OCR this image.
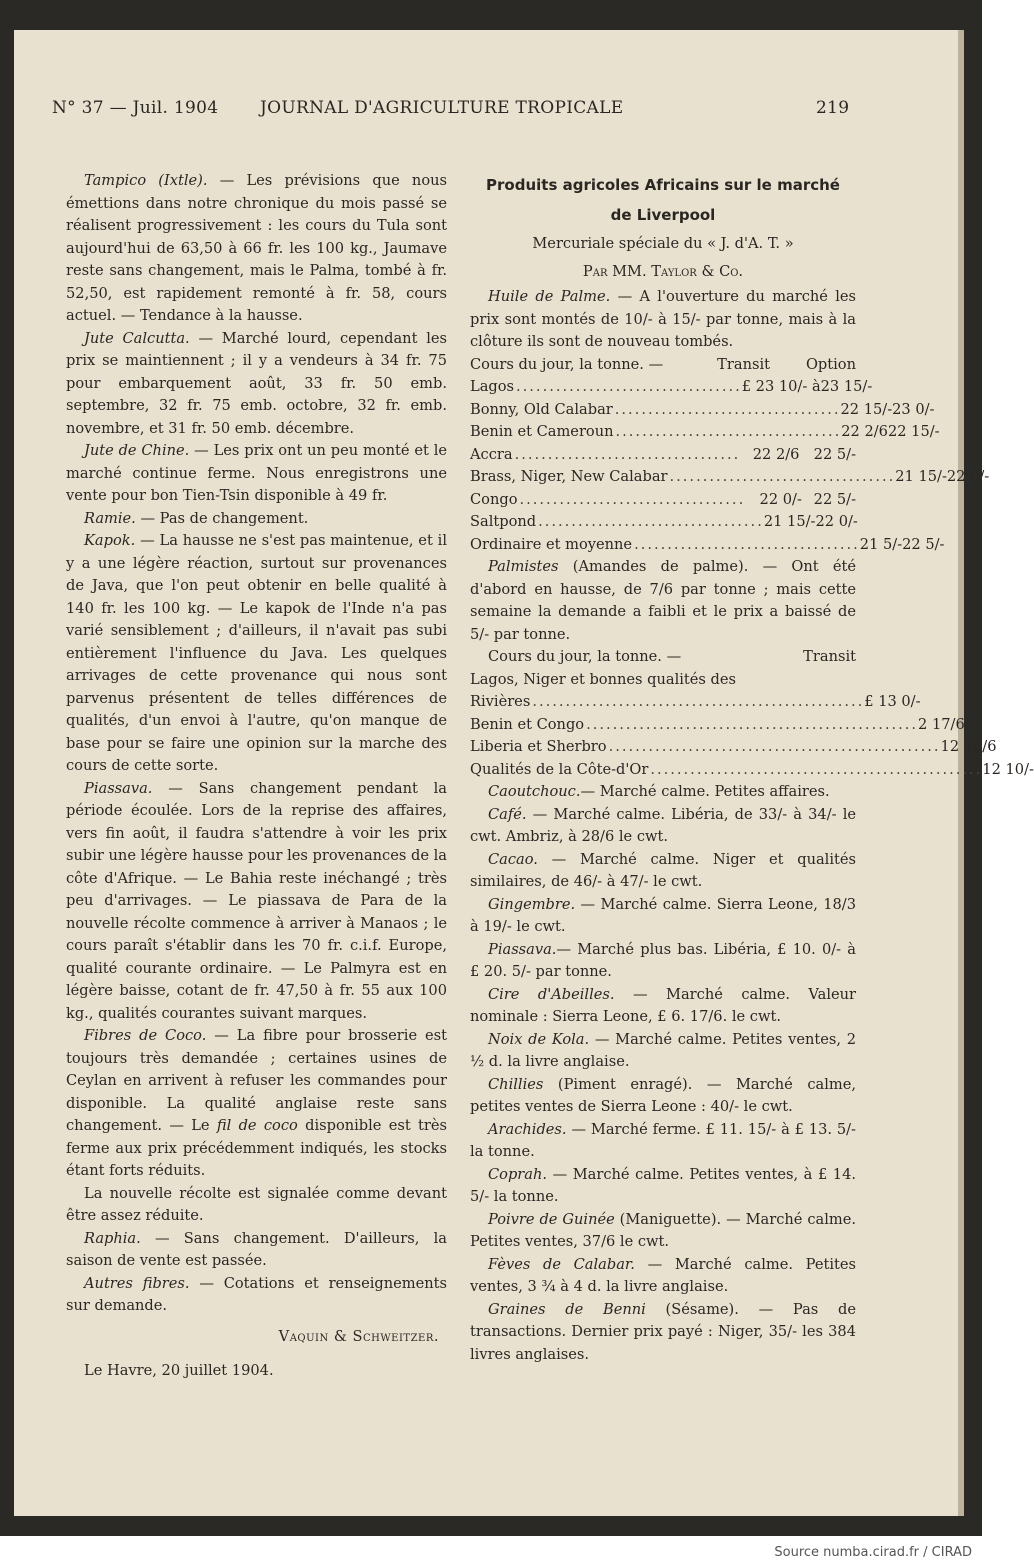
N° 37 — Juil. 1904 JOURNAL D'AGRICULTURE TROPICALE	219

Tampico (Ixtle). — Les prévisions que nous émettions dans notre chronique du mois passé se réalisent progressivement : les cours du Tula sont aujourd'hui de 63,50 à 66 fr. les 100 kg., Jaumave reste sans changement, mais le Palma, tombé à fr. 52,50, est rapidement remonté à fr. 58, cours actuel. — Tendance à la hausse.

Jute Calcutta. — Marché lourd, cependant les prix se maintiennent ; il y a vendeurs à 34 fr. 75 pour embarquement août, 33 fr. 50 emb. septembre, 32 fr. 75 emb. octobre, 32 fr. emb. novembre, et 31 fr. 50 emb. décembre.

Jute de Chine. — Les prix ont un peu monté et le marché continue ferme. Nous enregistrons une vente pour bon Tien-Tsin disponible à 49 fr.

Ramie. — Pas de changement.

Kapok. — La hausse ne s'est pas maintenue, et il y a une légère réaction, surtout sur provenances de Java, que l'on peut obtenir en belle qualité à 140 fr. les 100 kg. — Le kapok de l'Inde n'a pas varié sensiblement ; d'ailleurs, il n'avait pas subi entièrement l'influence du Java. Les quelques arrivages de cette provenance qui nous sont parvenus présentent de telles différences de qualités, d'un envoi à l'autre, qu'on manque de base pour se faire une opinion sur la marche des cours de cette sorte.

Piassava. — Sans changement pendant la période écoulée. Lors de la reprise des affaires, vers fin août, il faudra s'attendre à voir les prix subir une légère hausse pour les provenances de la côte d'Afrique. — Le Bahia reste inéchangé ; très peu d'arrivages. — Le piassava de Para de la nouvelle récolte commence à arriver à Manaos ; le cours paraît s'établir dans les 70 fr. c.i.f. Europe, qualité courante ordinaire. — Le Palmyra est en légère baisse, cotant de fr. 47,50 à fr. 55 aux 100 kg., qualités courantes suivant marques.

Fibres de Coco. — La fibre pour brosserie est toujours très demandée ; certaines usines de Ceylan en arrivent à refuser les commandes pour disponible. La qualité anglaise reste sans changement. — Le fil de coco disponible est très ferme aux prix précédemment indiqués, les stocks étant forts réduits.

La nouvelle récolte est signalée comme devant être assez réduite.

Raphia. — Sans changement. D'ailleurs, la saison de vente est passée.

Autres fibres. — Cotations et renseignements sur demande.

Vaquin & Schweitzer.

Le Havre, 20 juillet 1904.

Produits agricoles Africains sur le marché

de Liverpool

Mercuriale spéciale du « J. d'A. T. »

Par MM. Taylor & Co.

Huile de Palme. — A l'ouverture du marché les prix sont montés de 10/- à 15/- par tonne, mais à la clôture ils sont de nouveau tombés.

Cours du jour, la tonne. —	Transit	Option
Lagos .................................. £ 23 10/- à 23 15/-
Bonny, Old Calabar .................................. 22 15/- 23 0/-
Benin et Cameroun .................................. 22 2/6 22 15/-
Accra .................................. 22 2/6 22 5/-
Brass, Niger, New Calabar .................................. 21 15/- 22 0/-
Congo .................................. 22 0/- 22 5/-
Saltpond .................................. 21 15/- 22 0/-
Ordinaire et moyenne .................................. 21 5/- 22 5/-

Palmistes (Amandes de palme). — Ont été d'abord en hausse, de 7/6 par tonne ; mais cette semaine la demande a faibli et le prix a baissé de 5/- par tonne.

Cours du jour, la tonne. —	Transit
Lagos, Niger et bonnes qualités des
Rivières .................................................. £ 13 0/-
Benin et Congo .................................................. 2 17/6
Liberia et Sherbro .................................................. 12 12/6
Qualités de la Côte-d'Or .................................................. 12 10/-

Caoutchouc.— Marché calme. Petites affaires.

Café. — Marché calme. Libéria, de 33/- à 34/- le cwt. Ambriz, à 28/6 le cwt.

Cacao. — Marché calme. Niger et qualités similaires, de 46/- à 47/- le cwt.

Gingembre. — Marché calme. Sierra Leone, 18/3 à 19/- le cwt.

Piassava.— Marché plus bas. Libéria, £ 10. 0/- à £ 20. 5/- par tonne.

Cire d'Abeilles. — Marché calme. Valeur nominale : Sierra Leone, £ 6. 17/6. le cwt.

Noix de Kola. — Marché calme. Petites ventes, 2 ½ d. la livre anglaise.

Chillies (Piment enragé). — Marché calme, petites ventes de Sierra Leone : 40/- le cwt.

Arachides. — Marché ferme. £ 11. 15/- à £ 13. 5/- la tonne.

Coprah. — Marché calme. Petites ventes, à £ 14. 5/- la tonne.

Poivre de Guinée (Maniguette). — Marché calme. Petites ventes, 37/6 le cwt.

Fèves de Calabar. — Marché calme. Petites ventes, 3 ¾ à 4 d. la livre anglaise.

Graines de Benni (Sésame). — Pas de transactions. Dernier prix payé : Niger, 35/- les 384 livres anglaises.

Source numba.cirad.fr / CIRAD
